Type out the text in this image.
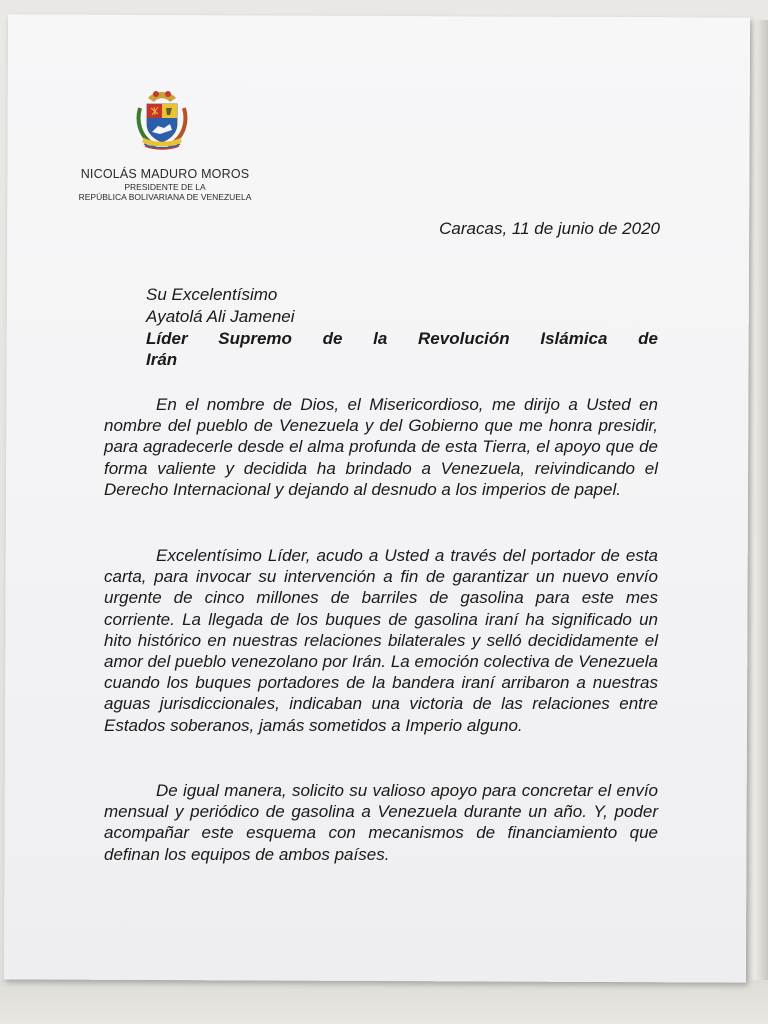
NICOLÁS MADURO MOROS
PRESIDENTE DE LA
REPÚBLICA BOLIVARIANA DE VENEZUELA
Caracas, 11 de junio de 2020
Su Excelentísimo
Ayatolá Ali Jamenei
Líder Supremo de la Revolución Islámica de
Irán

En el nombre de Dios, el Misericordioso, me dirijo a Usted en nombre del pueblo de Venezuela y del Gobierno que me honra presidir, para agradecerle desde el alma profunda de esta Tierra, el apoyo que de forma valiente y decidida ha brindado a Venezuela, reivindicando el Derecho Internacional y dejando al desnudo a los imperios de papel.

Excelentísimo Líder, acudo a Usted a través del portador de esta carta, para invocar su intervención a fin de garantizar un nuevo envío urgente de cinco millones de barriles de gasolina para este mes corriente. La llegada de los buques de gasolina iraní ha significado un hito histórico en nuestras relaciones bilaterales y selló decididamente el amor del pueblo venezolano por Irán. La emoción colectiva de Venezuela cuando los buques portadores de la bandera iraní arribaron a nuestras aguas jurisdiccionales, indicaban una victoria de las relaciones entre Estados soberanos, jamás sometidos a Imperio alguno.

De igual manera, solicito su valioso apoyo para concretar el envío mensual y periódico de gasolina a Venezuela durante un año. Y, poder acompañar este esquema con mecanismos de financiamiento que definan los equipos de ambos países.
